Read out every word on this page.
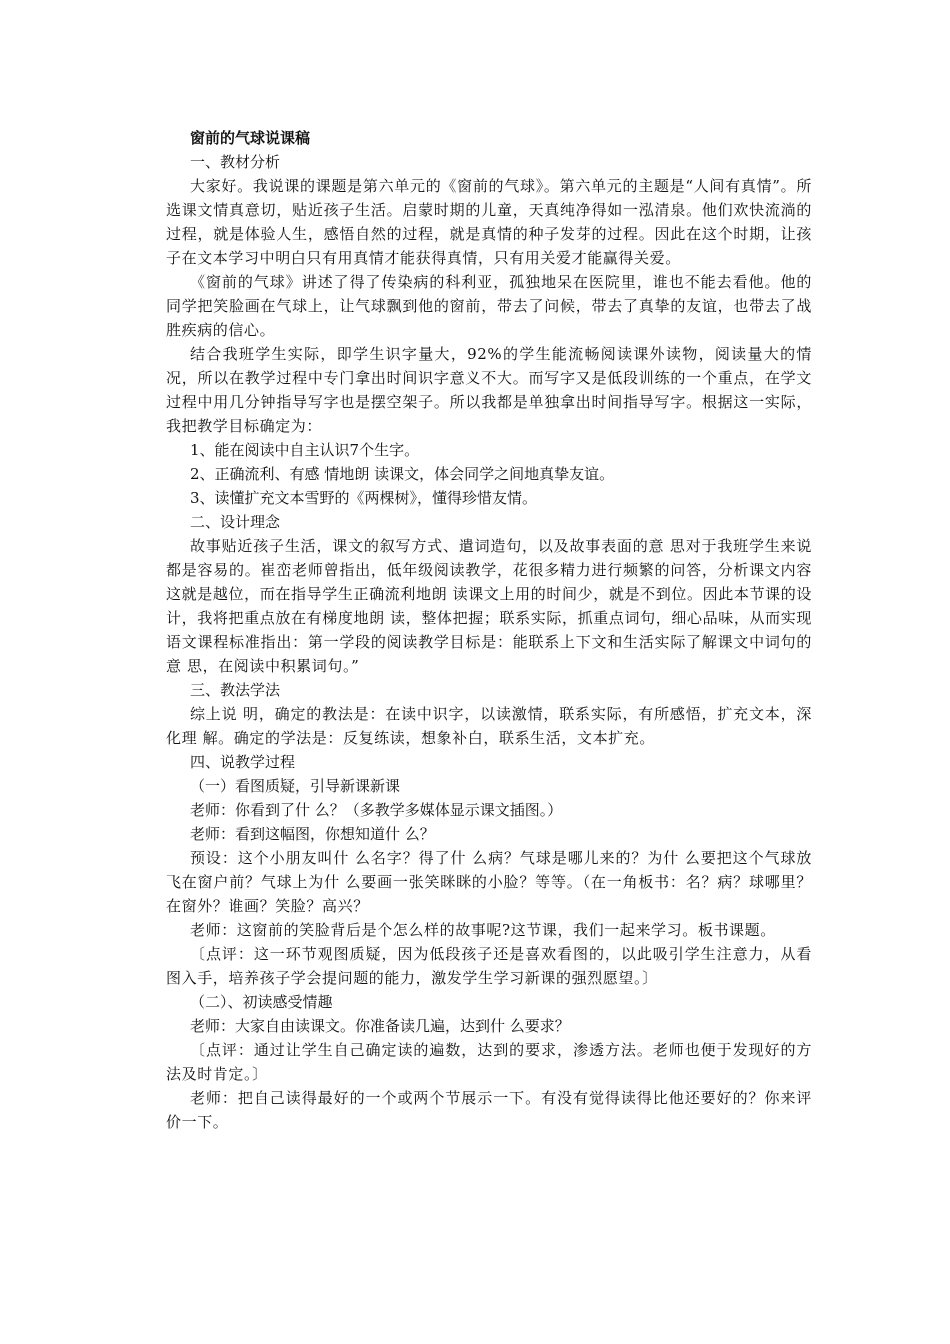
窗前的气球说课稿
一、教材分析

大家好。我说课的课题是第六单元的《窗前的气球》。第六单元的主题是“人间有真情”。所选课文情真意切，贴近孩子生活。启蒙时期的儿童，天真纯净得如一泓清泉。他们欢快流淌的过程，就是体验人生，感悟自然的过程，就是真情的种子发芽的过程。因此在这个时期，让孩子在文本学习中明白只有用真情才能获得真情，只有用关爱才能赢得关爱。

《窗前的气球》讲述了得了传染病的科利亚，孤独地呆在医院里，谁也不能去看他。他的同学把笑脸画在气球上，让气球飘到他的窗前，带去了问候，带去了真挚的友谊，也带去了战胜疾病的信心。

结合我班学生实际，即学生识字量大，92%的学生能流畅阅读课外读物，阅读量大的情况，所以在教学过程中专门拿出时间识字意义不大。而写字又是低段训练的一个重点，在学文过程中用几分钟指导写字也是摆空架子。所以我都是单独拿出时间指导写字。根据这一实际，我把教学目标确定为：

1、能在阅读中自主认识7个生字。
2、正确流利、有感 情地朗 读课文，体会同学之间地真挚友谊。
3、读懂扩充文本雪野的《两棵树》，懂得珍惜友情。
二、设计理念

故事贴近孩子生活，课文的叙写方式、遣词造句，以及故事表面的意 思对于我班学生来说都是容易的。崔峦老师曾指出，低年级阅读教学，花很多精力进行频繁的问答，分析课文内容这就是越位，而在指导学生正确流利地朗 读课文上用的时间少，就是不到位。因此本节课的设计，我将把重点放在有梯度地朗 读，整体把握；联系实际，抓重点词句，细心品味，从而实现 语文课程标准指出：第一学段的阅读教学目标是：能联系上下文和生活实际了解课文中词句的意 思，在阅读中积累词句。”

三、教法学法

综上说 明，确定的教法是：在读中识字，以读激情，联系实际，有所感悟，扩充文本，深化理 解。确定的学法是：反复练读，想象补白，联系生活，文本扩充。

四、说教学过程
（一）看图质疑，引导新课新课
老师：你看到了什 么？（多教学多媒体显示课文插图。）
老师：看到这幅图，你想知道什 么？

预设：这个小朋友叫什 么名字？得了什 么病？气球是哪儿来的？为什 么要把这个气球放飞在窗户前？气球上为什 么要画一张笑眯眯的小脸？等等。（在一角板书：名？病？球哪里？在窗外？谁画？笑脸？高兴？

老师：这窗前的笑脸背后是个怎么样的故事呢?这节课，我们一起来学习。板书课题。

〔点评：这一环节观图质疑，因为低段孩子还是喜欢看图的，以此吸引学生注意力，从看图入手，培养孩子学会提问题的能力，激发学生学习新课的强烈愿望。〕

（二）、初读感受情趣
老师：大家自由读课文。你准备读几遍，达到什 么要求？

〔点评：通过让学生自己确定读的遍数，达到的要求，渗透方法。老师也便于发现好的方法及时肯定。〕

老师：把自己读得最好的一个或两个节展示一下。有没有觉得读得比他还要好的？你来评价一下。
